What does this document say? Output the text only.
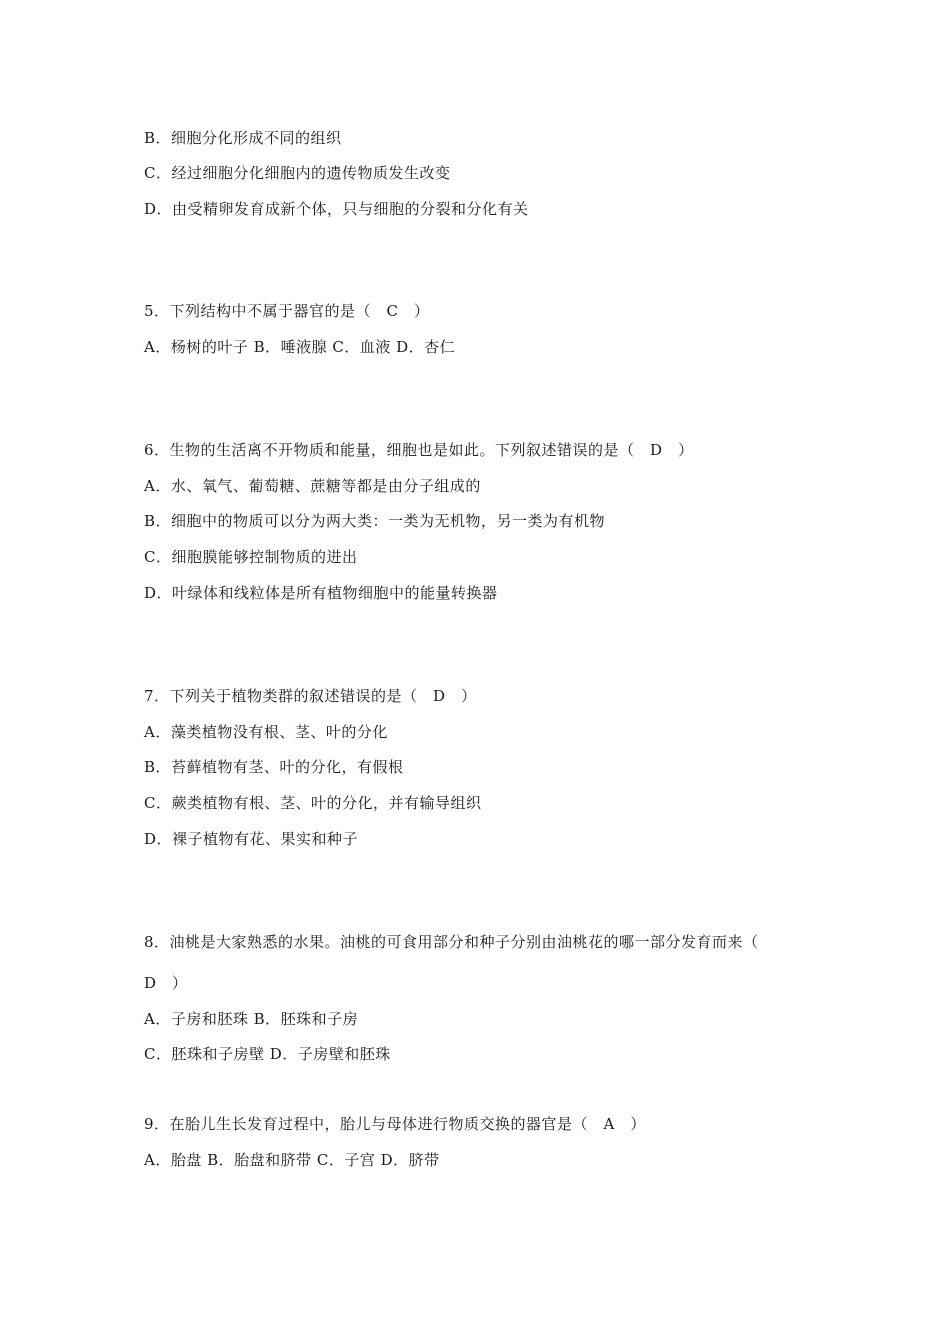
B．细胞分化形成不同的组织
C．经过细胞分化细胞内的遗传物质发生改变
D．由受精卵发育成新个体，只与细胞的分裂和分化有关
5．下列结构中不属于器官的是（　C　）
A．杨树的叶子 B．唾液腺 C．血液 D．杏仁
6．生物的生活离不开物质和能量，细胞也是如此。下列叙述错误的是（　D　）
A．水、氧气、葡萄糖、蔗糖等都是由分子组成的
B．细胞中的物质可以分为两大类：一类为无机物，另一类为有机物
C．细胞膜能够控制物质的进出
D．叶绿体和线粒体是所有植物细胞中的能量转换器
7．下列关于植物类群的叙述错误的是（　D　）
A．藻类植物没有根、茎、叶的分化
B．苔藓植物有茎、叶的分化，有假根
C．蕨类植物有根、茎、叶的分化，并有输导组织
D．裸子植物有花、果实和种子
8．油桃是大家熟悉的水果。油桃的可食用部分和种子分别由油桃花的哪一部分发育而来（
D　）
A．子房和胚珠 B．胚珠和子房
C．胚珠和子房壁 D．子房壁和胚珠
9．在胎儿生长发育过程中，胎儿与母体进行物质交换的器官是（　A　）
A．胎盘 B．胎盘和脐带 C．子宫 D．脐带
